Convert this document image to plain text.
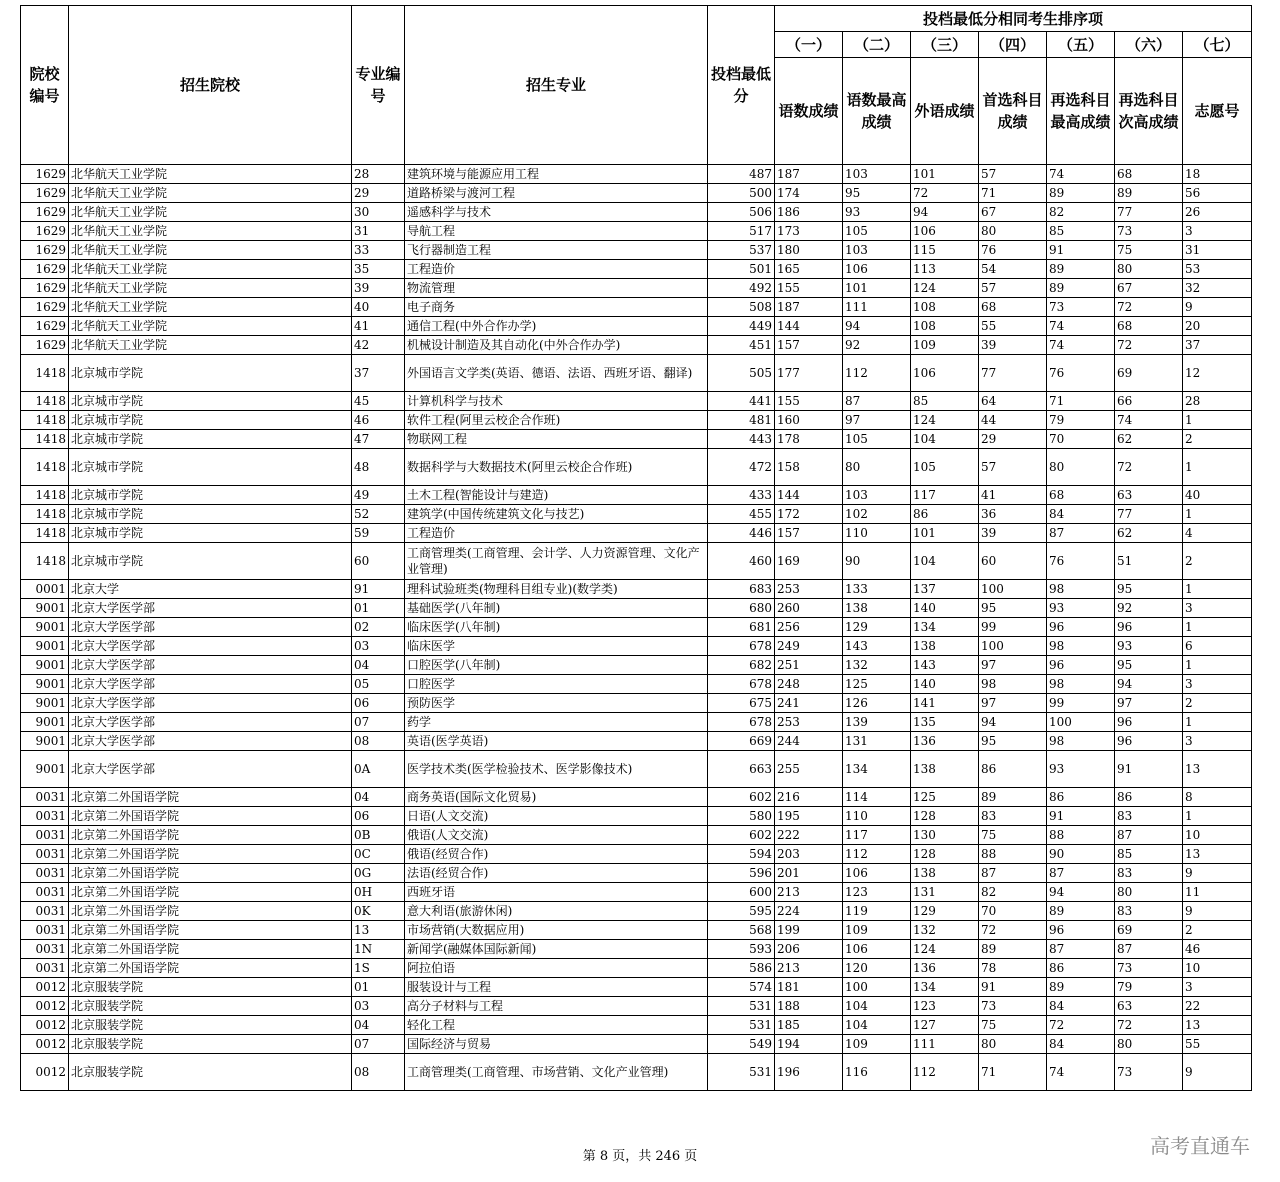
院校编号	招生院校	专业编号	招生专业	投档最低分	投档最低分相同考生排序项						
					（一）	（二）	（三）	（四）	（五）	（六）	（七）
					语数成绩	语数最高成绩	外语成绩	首选科目成绩	再选科目最高成绩	再选科目次高成绩	志愿号
1629	北华航天工业学院	28	建筑环境与能源应用工程	487	187	103	101	57	74	68	18
1629	北华航天工业学院	29	道路桥梁与渡河工程	500	174	95	72	71	89	89	56
1629	北华航天工业学院	30	遥感科学与技术	506	186	93	94	67	82	77	26
1629	北华航天工业学院	31	导航工程	517	173	105	106	80	85	73	3
1629	北华航天工业学院	33	飞行器制造工程	537	180	103	115	76	91	75	31
1629	北华航天工业学院	35	工程造价	501	165	106	113	54	89	80	53
1629	北华航天工业学院	39	物流管理	492	155	101	124	57	89	67	32
1629	北华航天工业学院	40	电子商务	508	187	111	108	68	73	72	9
1629	北华航天工业学院	41	通信工程(中外合作办学)	449	144	94	108	55	74	68	20
1629	北华航天工业学院	42	机械设计制造及其自动化(中外合作办学)	451	157	92	109	39	74	72	37
1418	北京城市学院	37	外国语言文学类(英语、德语、法语、西班牙语、翻译)	505	177	112	106	77	76	69	12
1418	北京城市学院	45	计算机科学与技术	441	155	87	85	64	71	66	28
1418	北京城市学院	46	软件工程(阿里云校企合作班)	481	160	97	124	44	79	74	1
1418	北京城市学院	47	物联网工程	443	178	105	104	29	70	62	2
1418	北京城市学院	48	数据科学与大数据技术(阿里云校企合作班)	472	158	80	105	57	80	72	1
1418	北京城市学院	49	土木工程(智能设计与建造)	433	144	103	117	41	68	63	40
1418	北京城市学院	52	建筑学(中国传统建筑文化与技艺)	455	172	102	86	36	84	77	1
1418	北京城市学院	59	工程造价	446	157	110	101	39	87	62	4
1418	北京城市学院	60	工商管理类(工商管理、会计学、人力资源管理、文化产业管理)	460	169	90	104	60	76	51	2
0001	北京大学	91	理科试验班类(物理科目组专业)(数学类)	683	253	133	137	100	98	95	1
9001	北京大学医学部	01	基础医学(八年制)	680	260	138	140	95	93	92	3
9001	北京大学医学部	02	临床医学(八年制)	681	256	129	134	99	96	96	1
9001	北京大学医学部	03	临床医学	678	249	143	138	100	98	93	6
9001	北京大学医学部	04	口腔医学(八年制)	682	251	132	143	97	96	95	1
9001	北京大学医学部	05	口腔医学	678	248	125	140	98	98	94	3
9001	北京大学医学部	06	预防医学	675	241	126	141	97	99	97	2
9001	北京大学医学部	07	药学	678	253	139	135	94	100	96	1
9001	北京大学医学部	08	英语(医学英语)	669	244	131	136	95	98	96	3
9001	北京大学医学部	0A	医学技术类(医学检验技术、医学影像技术)	663	255	134	138	86	93	91	13
0031	北京第二外国语学院	04	商务英语(国际文化贸易)	602	216	114	125	89	86	86	8
0031	北京第二外国语学院	06	日语(人文交流)	580	195	110	128	83	91	83	1
0031	北京第二外国语学院	0B	俄语(人文交流)	602	222	117	130	75	88	87	10
0031	北京第二外国语学院	0C	俄语(经贸合作)	594	203	112	128	88	90	85	13
0031	北京第二外国语学院	0G	法语(经贸合作)	596	201	106	138	87	87	83	9
0031	北京第二外国语学院	0H	西班牙语	600	213	123	131	82	94	80	11
0031	北京第二外国语学院	0K	意大利语(旅游休闲)	595	224	119	129	70	89	83	9
0031	北京第二外国语学院	13	市场营销(大数据应用)	568	199	109	132	72	96	69	2
0031	北京第二外国语学院	1N	新闻学(融媒体国际新闻)	593	206	106	124	89	87	87	46
0031	北京第二外国语学院	1S	阿拉伯语	586	213	120	136	78	86	73	10
0012	北京服装学院	01	服装设计与工程	574	181	100	134	91	89	79	3
0012	北京服装学院	03	高分子材料与工程	531	188	104	123	73	84	63	22
0012	北京服装学院	04	轻化工程	531	185	104	127	75	72	72	13
0012	北京服装学院	07	国际经济与贸易	549	194	109	111	80	84	80	55
0012	北京服装学院	08	工商管理类(工商管理、市场营销、文化产业管理)	531	196	116	112	71	74	73	9
第 8 页，共 246 页	高考直通车
